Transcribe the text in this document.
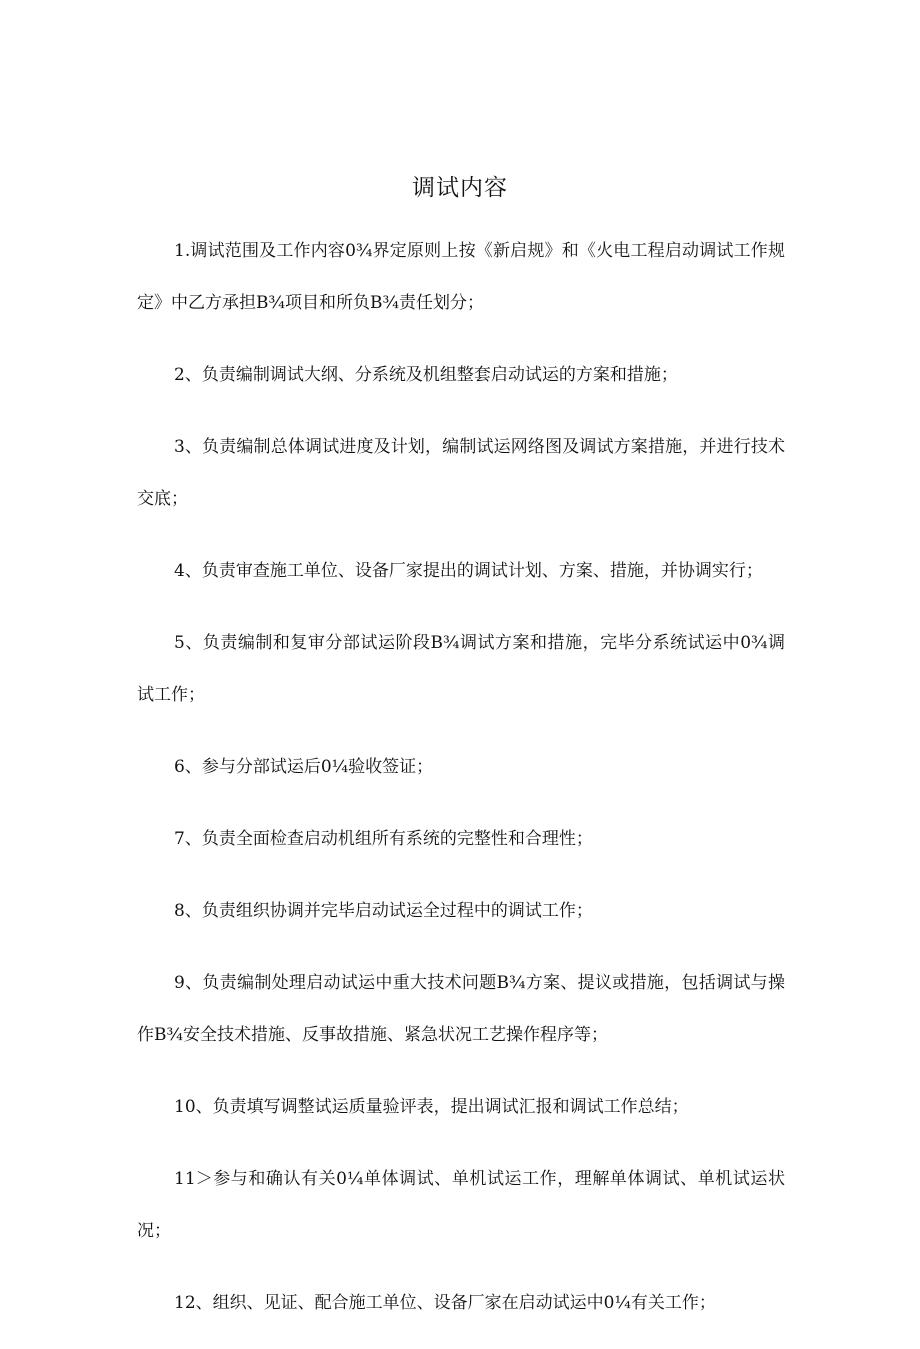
调试内容

1.调试范围及工作内容0¾界定原则上按《新启规》和《火电工程启动调试工作规定》中乙方承担B¾项目和所负B¾责任划分；

2、负责编制调试大纲、分系统及机组整套启动试运的方案和措施；

3、负责编制总体调试进度及计划，编制试运网络图及调试方案措施，并进行技术交底；

4、负责审查施工单位、设备厂家提出的调试计划、方案、措施，并协调实行；

5、负责编制和复审分部试运阶段B¾调试方案和措施，完毕分系统试运中0¾调试工作；

6、参与分部试运后0¼验收签证；

7、负责全面检查启动机组所有系统的完整性和合理性；

8、负责组织协调并完毕启动试运全过程中的调试工作；

9、负责编制处理启动试运中重大技术问题B¾方案、提议或措施，包括调试与操作B¾安全技术措施、反事故措施、紧急状况工艺操作程序等；

10、负责填写调整试运质量验评表，提出调试汇报和调试工作总结；

11＞参与和确认有关0¼单体调试、单机试运工作，理解单体调试、单机试运状况；

12、组织、见证、配合施工单位、设备厂家在启动试运中0¼有关工作；
